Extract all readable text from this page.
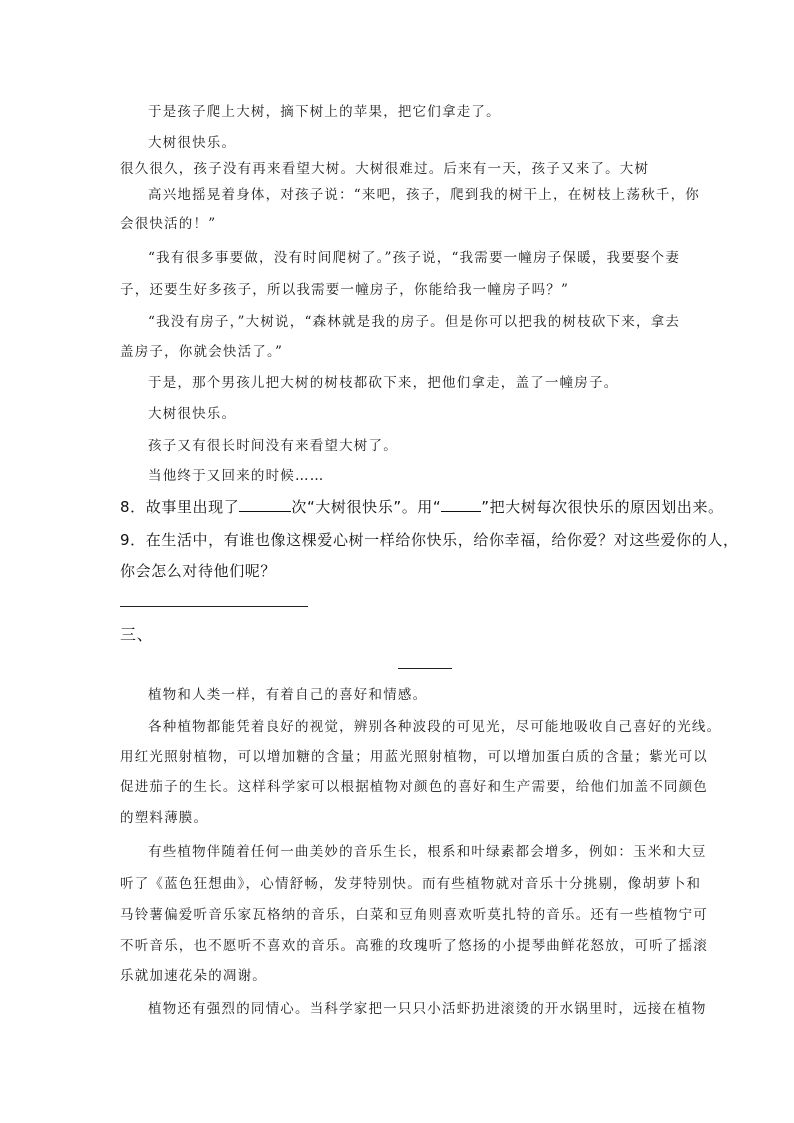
于是孩子爬上大树，摘下树上的苹果，把它们拿走了。
大树很快乐。
很久很久，孩子没有再来看望大树。大树很难过。后来有一天，孩子又来了。大树
高兴地摇晃着身体，对孩子说：“来吧，孩子，爬到我的树干上，在树枝上荡秋千，你
会很快活的！”
“我有很多事要做，没有时间爬树了。”孩子说，“我需要一幢房子保暖，我要娶个妻
子，还要生好多孩子，所以我需要一幢房子，你能给我一幢房子吗？”
“我没有房子，”大树说，“森林就是我的房子。但是你可以把我的树枝砍下来，拿去
盖房子，你就会快活了。”
于是，那个男孩儿把大树的树枝都砍下来，把他们拿走，盖了一幢房子。
大树很快乐。
孩子又有很长时间没有来看望大树了。
当他终于又回来的时候……
8．故事里出现了	次“大树很快乐”。用“	”把大树每次很快乐的原因划出来。
9．在生活中，有谁也像这棵爱心树一样给你快乐，给你幸福，给你爱？对这些爱你的人，
你会怎么对待他们呢？
三、
植物和人类一样，有着自己的喜好和情感。
各种植物都能凭着良好的视觉，辨别各种波段的可见光，尽可能地吸收自己喜好的光线。
用红光照射植物，可以增加糖的含量；用蓝光照射植物，可以增加蛋白质的含量；紫光可以
促进茄子的生长。这样科学家可以根据植物对颜色的喜好和生产需要，给他们加盖不同颜色
的塑料薄膜。
有些植物伴随着任何一曲美妙的音乐生长，根系和叶绿素都会增多，例如：玉米和大豆
听了《蓝色狂想曲》，心情舒畅，发芽特别快。而有些植物就对音乐十分挑剔，像胡萝卜和
马铃薯偏爱听音乐家瓦格纳的音乐，白菜和豆角则喜欢听莫扎特的音乐。还有一些植物宁可
不听音乐，也不愿听不喜欢的音乐。高雅的玫瑰听了悠扬的小提琴曲鲜花怒放，可听了摇滚
乐就加速花朵的凋谢。
植物还有强烈的同情心。当科学家把一只只小活虾扔进滚烫的开水锅里时，远接在植物
